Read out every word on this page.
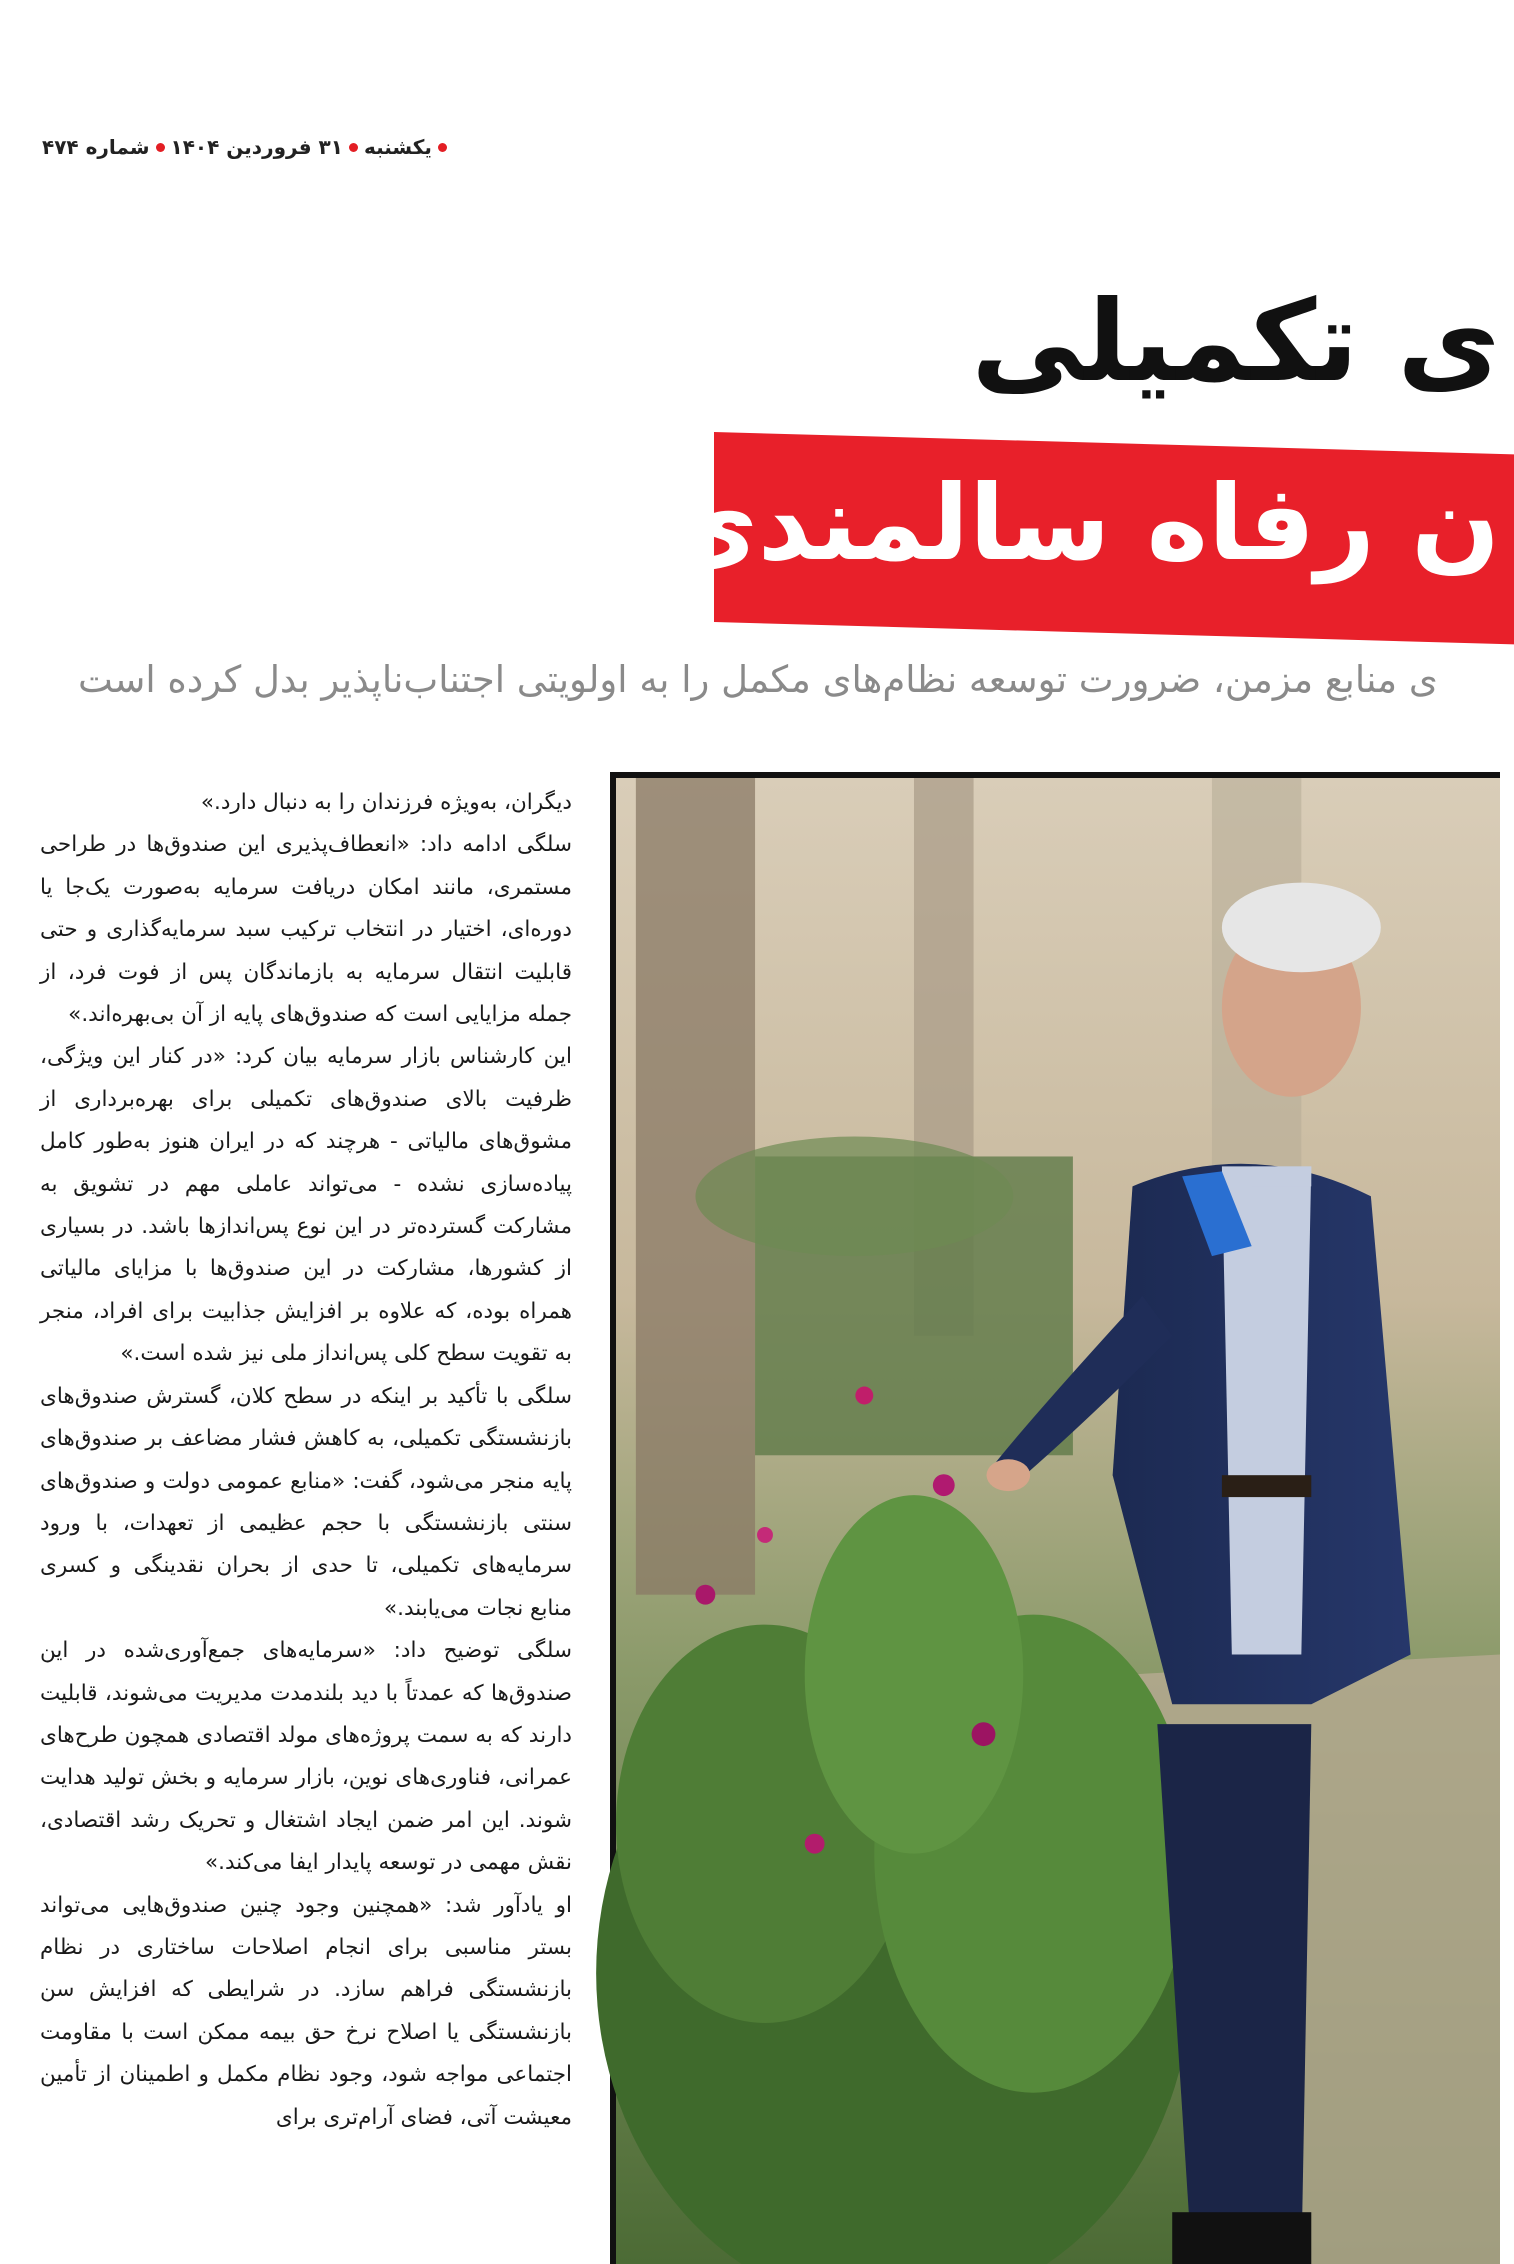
یکشنبه
۳۱ فروردین ۱۴۰۴
شماره ۴۷۴
ی تکمیلی
ن رفاه سالمندی
ی منابع مزمن، ضرورت توسعه نظام‌های مکمل را به اولویتی اجتناب‌ناپذیر بدل کرده است

دیگران، به‌ویژه فرزندان را به دنبال دارد.»

سلگی ادامه داد: «انعطاف‌پذیری این صندوق‌ها در طراحی مستمری، مانند امکان دریافت سرمایه به‌صورت یک‌جا یا دوره‌ای، اختیار در انتخاب ترکیب سبد سرمایه‌گذاری و حتی قابلیت انتقال سرمایه به بازماندگان پس از فوت فرد، از جمله مزایایی است که صندوق‌های پایه از آن بی‌بهره‌اند.»

این کارشناس بازار سرمایه بیان کرد: «در کنار این ویژگی، ظرفیت بالای صندوق‌های تکمیلی برای بهره‌برداری از مشوق‌های مالیاتی - هرچند که در ایران هنوز به‌طور کامل پیاده‌سازی نشده - می‌تواند عاملی مهم در تشویق به مشارکت گسترده‌تر در این نوع پس‌اندازها باشد. در بسیاری از کشورها، مشارکت در این صندوق‌ها با مزایای مالیاتی همراه بوده، که علاوه بر افزایش جذابیت برای افراد، منجر به تقویت سطح کلی پس‌انداز ملی نیز شده است.»

سلگی با تأکید بر اینکه در سطح کلان، گسترش صندوق‌های بازنشستگی تکمیلی، به کاهش فشار مضاعف بر صندوق‌های پایه منجر می‌شود، گفت: «منابع عمومی دولت و صندوق‌های سنتی بازنشستگی با حجم عظیمی از تعهدات، با ورود سرمایه‌های تکمیلی، تا حدی از بحران نقدینگی و کسری منابع نجات می‌یابند.»

سلگی توضیح داد: «سرمایه‌های جمع‌آوری‌شده در این صندوق‌ها که عمدتاً با دید بلندمدت مدیریت می‌شوند، قابلیت دارند که به سمت پروژه‌های مولد اقتصادی همچون طرح‌های عمرانی، فناوری‌های نوین، بازار سرمایه و بخش تولید هدایت شوند. این امر ضمن ایجاد اشتغال و تحریک رشد اقتصادی، نقش مهمی در توسعه پایدار ایفا می‌کند.»

او یادآور شد: «همچنین وجود چنین صندوق‌هایی می‌تواند بستر مناسبی برای انجام اصلاحات ساختاری در نظام بازنشستگی فراهم سازد. در شرایطی که افزایش سن بازنشستگی یا اصلاح نرخ حق بیمه ممکن است با مقاومت اجتماعی مواجه شود، وجود نظام مکمل و اطمینان از تأمین معیشت آتی، فضای آرام‌تری برای
